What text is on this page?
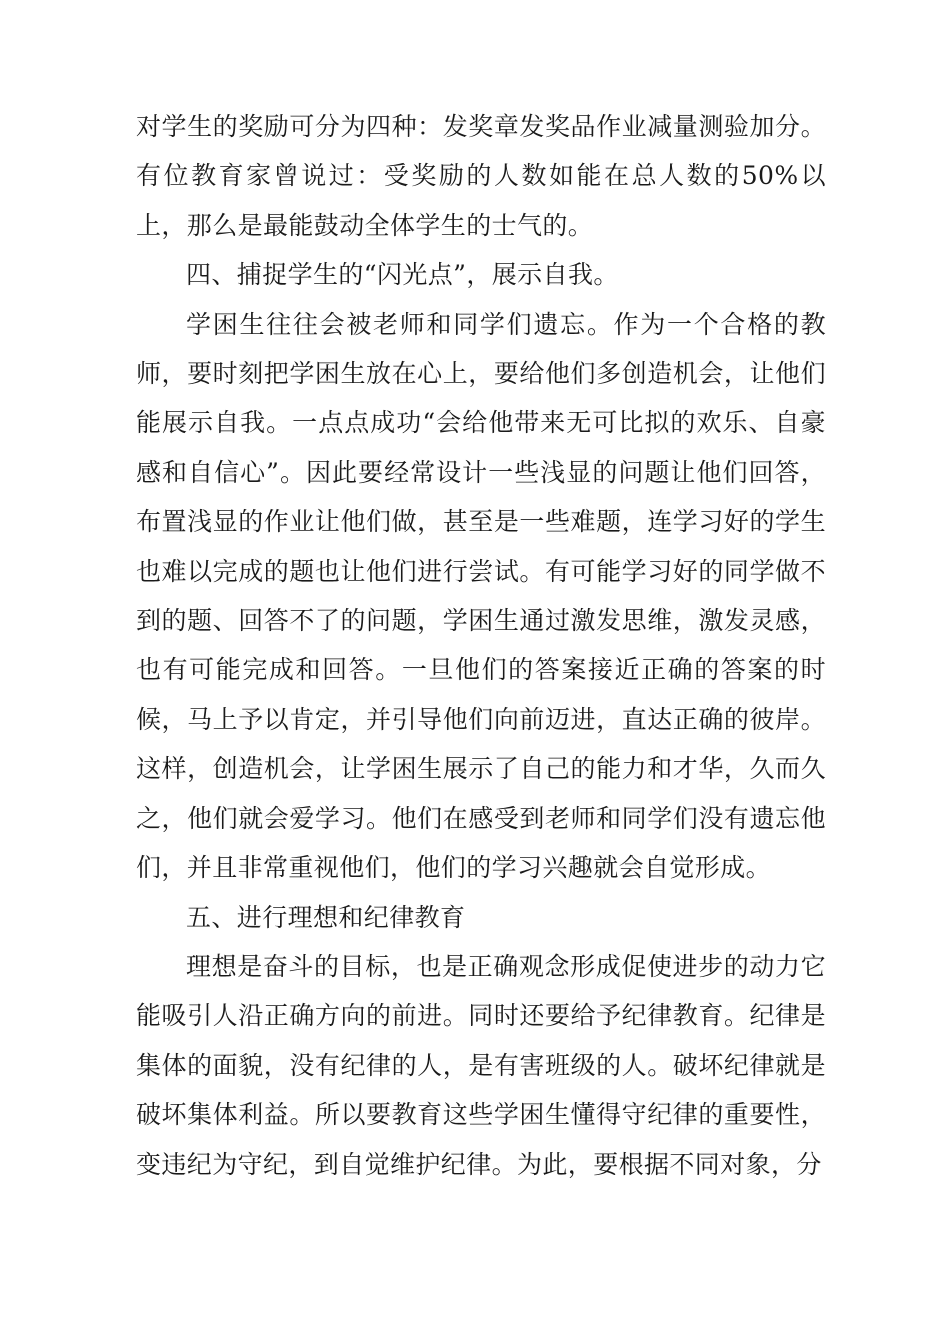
对学生的奖励可分为四种：发奖章发奖品作业减量测验加分。有位教育家曾说过：受奖励的人数如能在总人数的50%以上，那么是最能鼓动全体学生的士气的。

四、捕捉学生的“闪光点”，展示自我。

学困生往往会被老师和同学们遗忘。作为一个合格的教师，要时刻把学困生放在心上，要给他们多创造机会，让他们能展示自我。一点点成功“会给他带来无可比拟的欢乐、自豪感和自信心”。因此要经常设计一些浅显的问题让他们回答，布置浅显的作业让他们做，甚至是一些难题，连学习好的学生也难以完成的题也让他们进行尝试。有可能学习好的同学做不到的题、回答不了的问题，学困生通过激发思维，激发灵感，也有可能完成和回答。一旦他们的答案接近正确的答案的时候，马上予以肯定，并引导他们向前迈进，直达正确的彼岸。这样，创造机会，让学困生展示了自己的能力和才华，久而久之，他们就会爱学习。他们在感受到老师和同学们没有遗忘他们，并且非常重视他们，他们的学习兴趣就会自觉形成。

五、进行理想和纪律教育

理想是奋斗的目标，也是正确观念形成促使进步的动力它能吸引人沿正确方向的前进。同时还要给予纪律教育。纪律是集体的面貌，没有纪律的人，是有害班级的人。破坏纪律就是破坏集体利益。所以要教育这些学困生懂得守纪律的重要性，变违纪为守纪，到自觉维护纪律。为此，要根据不同对象，分
